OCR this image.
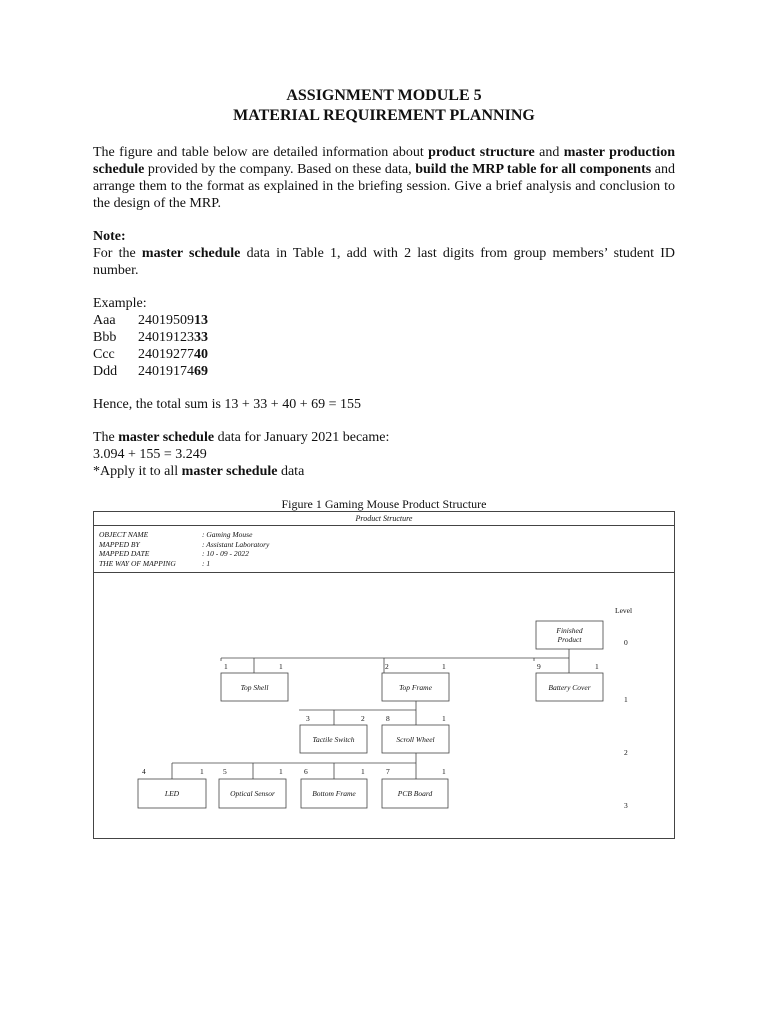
ASSIGNMENT MODULE 5
MATERIAL REQUIREMENT PLANNING
The figure and table below are detailed information about product structure and master production schedule provided by the company. Based on these data, build the MRP table for all components and arrange them to the format as explained in the briefing session. Give a brief analysis and conclusion to the design of the MRP.
Note:
For the master schedule data in Table 1, add with 2 last digits from group members’ student ID number.
Example:
Aaa	2401950913
Bbb	2401912333
Ccc	2401927740
Ddd	2401917469
Hence, the total sum is 13 + 33 + 40 + 69 = 155
The master schedule data for January 2021 became:
3.094 + 155 = 3.249
*Apply it to all master schedule data
Figure 1 Gaming Mouse Product Structure
Product Structure
OBJECT NAME	: Gaming Mouse
MAPPED BY	: Assistant Laboratory
MAPPED DATE	: 10 - 09 - 2022
THE WAY OF MAPPING	: 1
Finished
Product
Top Shell	Top Frame	Battery Cover
Tactile Switch	Scroll Wheel
LED	Optical Sensor	Bottom Frame	PCB Board
1	1	2	1	9	1
3	2	8	1
4	1	5	1	6	1	7	1
Level
0
1
2
3
